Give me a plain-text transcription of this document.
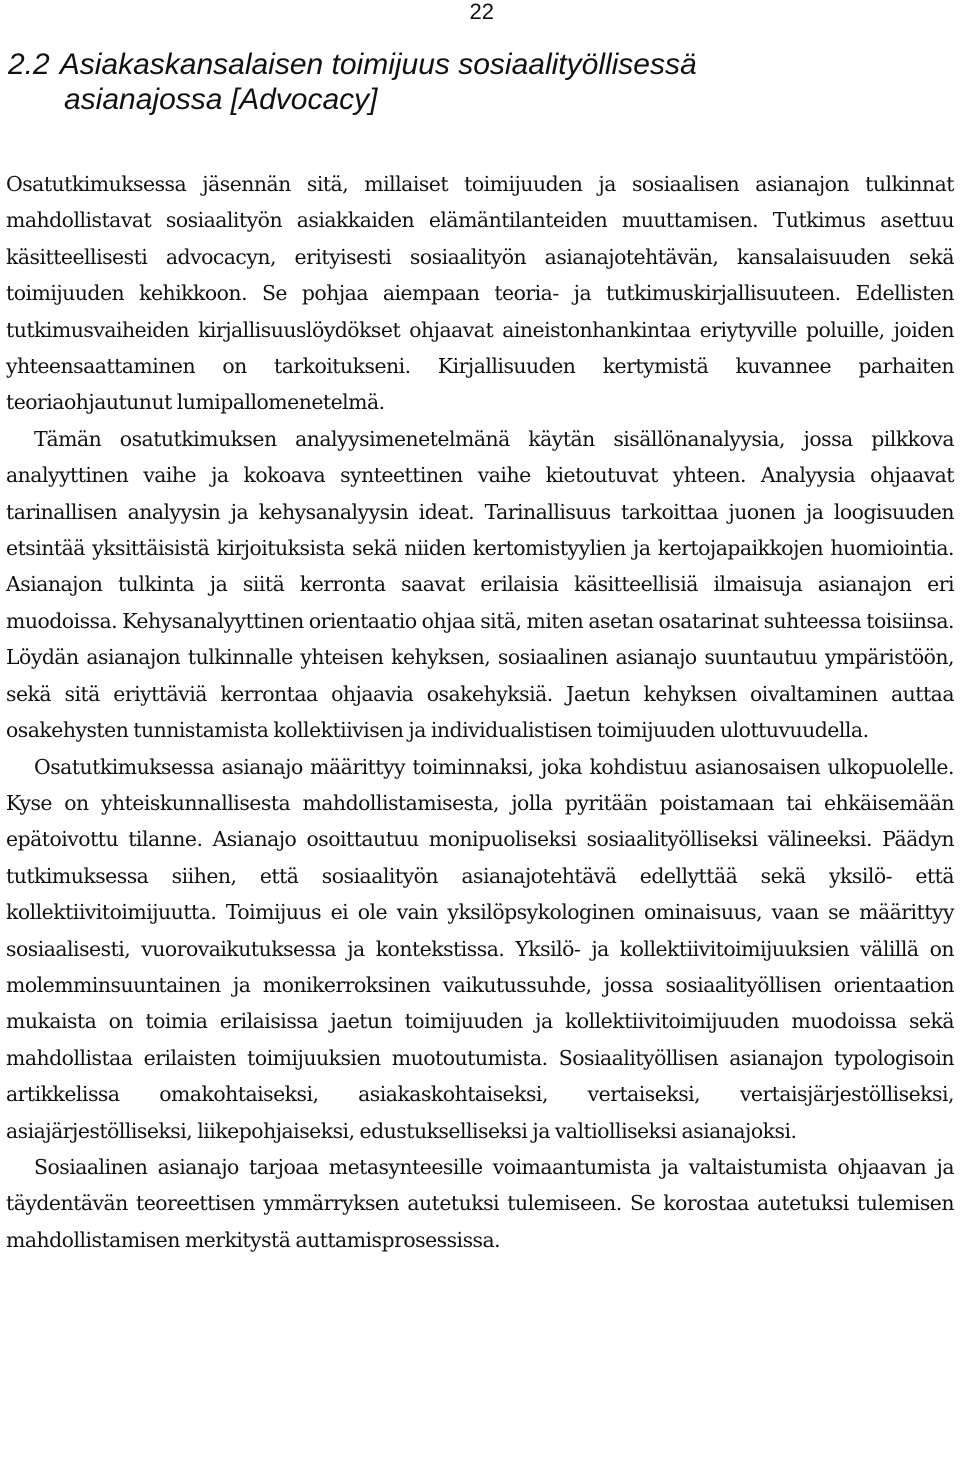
22
2.2 Asiakaskansalaisen toimijuus sosiaalityöllisessä
asianajossa [Advocacy]

Osatutkimuksessa jäsennän sitä, millaiset toimijuuden ja sosiaalisen asianajon tulkinnat mahdollistavat sosiaalityön asiakkaiden elämäntilanteiden muuttamisen. Tutkimus asettuu käsitteellisesti advocacyn, erityisesti sosiaalityön asianajotehtävän, kansalaisuuden sekä toimijuuden kehikkoon. Se pohjaa aiempaan teoria- ja tutkimuskirjallisuuteen. Edellisten tutkimusvaiheiden kirjallisuuslöydökset ohjaavat aineistonhankintaa eriytyville poluille, joiden yhteensaattaminen on tarkoitukseni. Kirjallisuuden kertymistä kuvannee parhaiten teoriaohjautunut lumipallomenetelmä.

Tämän osatutkimuksen analyysimenetelmänä käytän sisällönanalyysia, jossa pilkkova analyyttinen vaihe ja kokoava synteettinen vaihe kietoutuvat yhteen. Analyysia ohjaavat tarinallisen analyysin ja kehysanalyysin ideat. Tarinallisuus tarkoittaa juonen ja loogisuuden etsintää yksittäisistä kirjoituksista sekä niiden kertomistyylien ja kertojapaikkojen huomiointia. Asianajon tulkinta ja siitä kerronta saavat erilaisia käsitteellisiä ilmaisuja asianajon eri muodoissa. Kehysanalyyttinen orientaatio ohjaa sitä, miten asetan osatarinat suhteessa toisiinsa. Löydän asianajon tulkinnalle yhteisen kehyksen, sosiaalinen asianajo suuntautuu ympäristöön, sekä sitä eriyttäviä kerrontaa ohjaavia osakehyksiä. Jaetun kehyksen oivaltaminen auttaa osakehysten tunnistamista kollektiivisen ja individualistisen toimijuuden ulottuvuudella.

Osatutkimuksessa asianajo määrittyy toiminnaksi, joka kohdistuu asianosaisen ulkopuolelle. Kyse on yhteiskunnallisesta mahdollistamisesta, jolla pyritään poistamaan tai ehkäisemään epätoivottu tilanne. Asianajo osoittautuu monipuoliseksi sosiaalityölliseksi välineeksi. Päädyn tutkimuksessa siihen, että sosiaalityön asianajotehtävä edellyttää sekä yksilö- että kollektiivitoimijuutta. Toimijuus ei ole vain yksilöpsykologinen ominaisuus, vaan se määrittyy sosiaalisesti, vuorovaikutuksessa ja kontekstissa. Yksilö- ja kollektiivitoimijuuksien välillä on molemminsuuntainen ja monikerroksinen vaikutussuhde, jossa sosiaalityöllisen orientaation mukaista on toimia erilaisissa jaetun toimijuuden ja kollektiivitoimijuuden muodoissa sekä mahdollistaa erilaisten toimijuuksien muotoutumista. Sosiaalityöllisen asianajon typologisoin artikkelissa omakohtaiseksi, asiakaskohtaiseksi, vertaiseksi, vertaisjärjestölliseksi, asiajärjestölliseksi, liikepohjaiseksi, edustukselliseksi ja valtiolliseksi asianajoksi.

Sosiaalinen asianajo tarjoaa metasynteesille voimaantumista ja valtaistumista ohjaavan ja täydentävän teoreettisen ymmärryksen autetuksi tulemiseen. Se korostaa autetuksi tulemisen mahdollistamisen merkitystä auttamisprosessissa.
